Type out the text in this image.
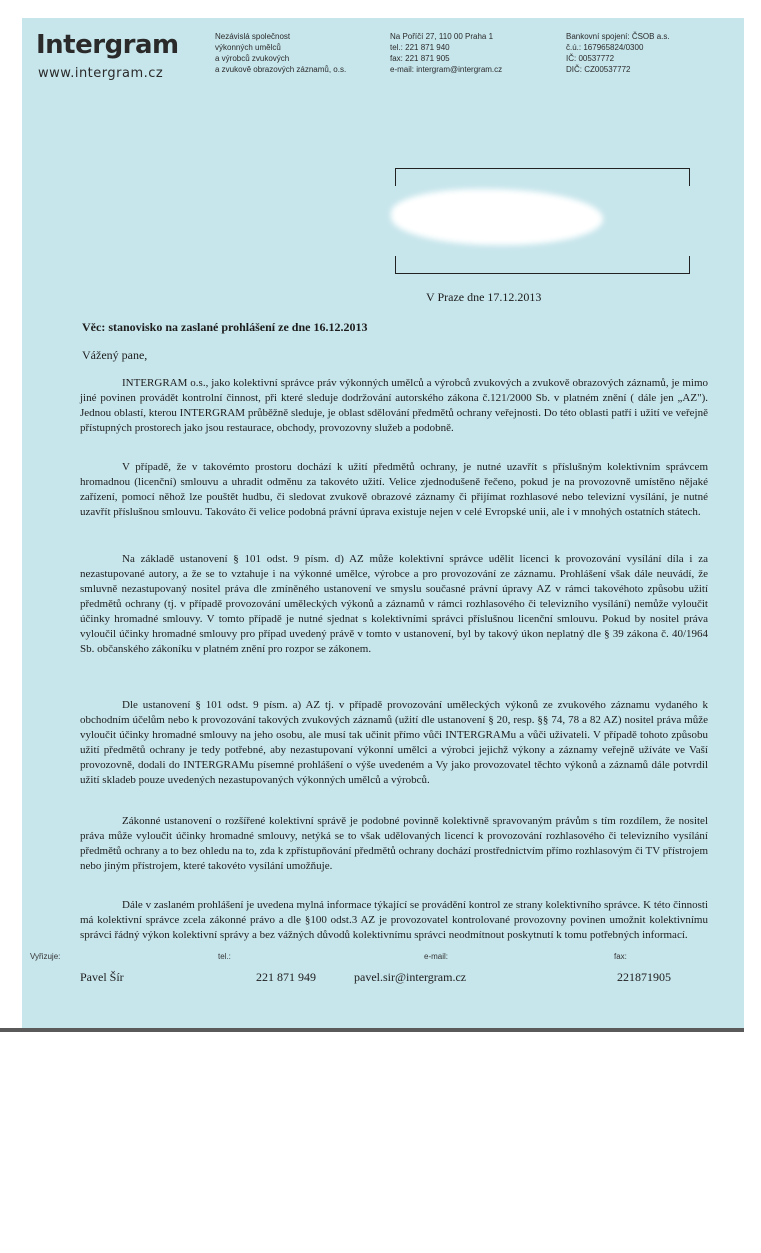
Intergram
www.intergram.cz
Nezávislá společnost
výkonných umělců
a výrobců zvukových
a zvukově obrazových záznamů, o.s.
Na Poříčí 27, 110 00 Praha 1
tel.: 221 871 940
fax: 221 871 905
e-mail: intergram@intergram.cz
Bankovní spojení: ČSOB a.s.
č.ú.: 167965824/0300
IČ: 00537772
DIČ: CZ00537772
V Praze dne 17.12.2013
Věc: stanovisko na zaslané prohlášení ze dne 16.12.2013
Vážený pane,

INTERGRAM o.s., jako kolektivní správce práv výkonných umělců a výrobců zvukových a zvukově obrazových záznamů, je mimo jiné povinen provádět kontrolní činnost, při které sleduje dodržování autorského zákona č.121/2000 Sb. v platném znění ( dále jen „AZ"). Jednou oblastí, kterou INTERGRAM průběžně sleduje, je oblast sdělování předmětů ochrany veřejnosti. Do této oblasti patří i užití ve veřejně přístupných prostorech jako jsou restaurace, obchody, provozovny služeb a podobně.

V případě, že v takovémto prostoru dochází k užití předmětů ochrany, je nutné uzavřít s příslušným kolektivním správcem hromadnou (licenční) smlouvu a uhradit odměnu za takovéto užití. Velice zjednodušeně řečeno, pokud je na provozovně umístěno nějaké zařízení, pomocí něhož lze pouštět hudbu, či sledovat zvukově obrazové záznamy či přijímat rozhlasové nebo televizní vysílání, je nutné uzavřít příslušnou smlouvu. Takováto či velice podobná právní úprava existuje nejen v celé Evropské unii, ale i v mnohých ostatních státech.

Na základě ustanovení § 101 odst. 9 písm. d) AZ může kolektivní správce udělit licenci k provozování vysílání díla i za nezastupované autory, a že se to vztahuje i na výkonné umělce, výrobce a pro provozování ze záznamu. Prohlášení však dále neuvádí, že smluvně nezastupovaný nositel práva dle zmíněného ustanovení ve smyslu současné právní úpravy AZ v rámci takovéhoto způsobu užití předmětů ochrany (tj. v případě provozování uměleckých výkonů a záznamů v rámci rozhlasového či televizního vysílání) nemůže vyloučit účinky hromadné smlouvy. V tomto případě je nutné sjednat s kolektivními správci příslušnou licenční smlouvu. Pokud by nositel práva vyloučil účinky hromadné smlouvy pro případ uvedený právě v tomto v ustanovení, byl by takový úkon neplatný dle § 39 zákona č. 40/1964 Sb. občanského zákoníku v platném znění pro rozpor se zákonem.

Dle ustanovení § 101 odst. 9 písm. a) AZ tj. v případě provozování uměleckých výkonů ze zvukového záznamu vydaného k obchodním účelům nebo k provozování takových zvukových záznamů (užití dle ustanovení § 20, resp. §§ 74, 78 a 82 AZ) nositel práva může vyloučit účinky hromadné smlouvy na jeho osobu, ale musí tak učinit přímo vůči INTERGRAMu a vůči uživateli. V případě tohoto způsobu užití předmětů ochrany je tedy potřebné, aby nezastupovaní výkonní umělci a výrobci jejichž výkony a záznamy veřejně užíváte ve Vaší provozovně, dodali do INTERGRAMu písemné prohlášení o výše uvedeném a Vy jako provozovatel těchto výkonů a záznamů dále potvrdil užití skladeb pouze uvedených nezastupovaných výkonných umělců a výrobců.

Zákonné ustanovení o rozšířené kolektivní správě je podobné povinně kolektivně spravovaným právům s tím rozdílem, že nositel práva může vyloučit účinky hromadné smlouvy, netýká se to však udělovaných licencí k provozování rozhlasového či televizního vysílání předmětů ochrany a to bez ohledu na to, zda k zpřístupňování předmětů ochrany dochází prostřednictvím přímo rozhlasovým či TV přístrojem nebo jiným přístrojem, které takovéto vysílání umožňuje.

Dále v zaslaném prohlášení je uvedena mylná informace týkající se provádění kontrol ze strany kolektivního správce. K této činnosti má kolektivní správce zcela zákonné právo a dle §100 odst.3 AZ je provozovatel kontrolované provozovny povinen umožnit kolektivnímu správci řádný výkon kolektivní správy a bez vážných důvodů kolektivnímu správci neodmítnout poskytnutí k tomu potřebných informací.

Vyřizuje:	tel.:	e-mail:	fax:
Pavel Šír	221 871 949	pavel.sir@intergram.cz	221871905
